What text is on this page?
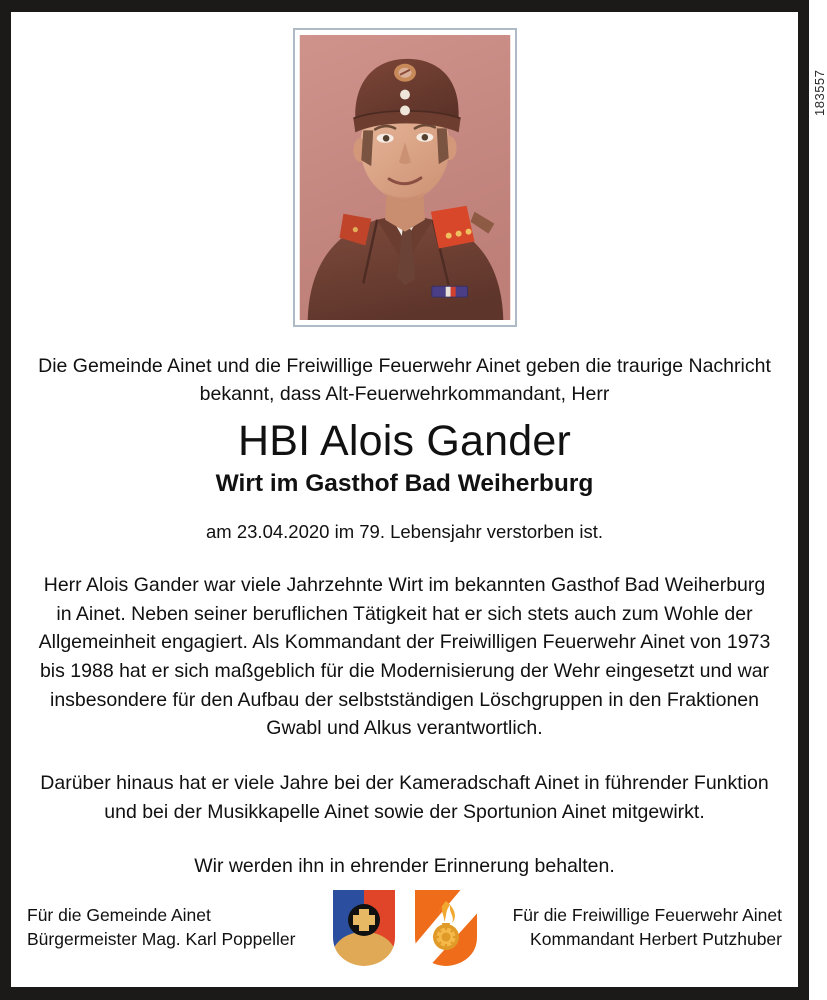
183557
Die Gemeinde Ainet und die Freiwillige Feuerwehr Ainet geben die traurige Nachricht bekannt, dass Alt-Feuerwehrkommandant, Herr
HBI Alois Gander
Wirt im Gasthof Bad Weiherburg
am 23.04.2020 im 79. Lebensjahr verstorben ist.

Herr Alois Gander war viele Jahrzehnte Wirt im bekannten Gasthof Bad Weiherburg in Ainet. Neben seiner beruflichen Tätigkeit hat er sich stets auch zum Wohle der Allgemeinheit engagiert. Als Kommandant der Freiwilligen Feuerwehr Ainet von 1973 bis 1988 hat er sich maßgeblich für die Modernisierung der Wehr eingesetzt und war insbesondere für den Aufbau der selbstständigen Löschgruppen in den Fraktionen Gwabl und Alkus verantwortlich.

Darüber hinaus hat er viele Jahre bei der Kameradschaft Ainet in führender Funktion und bei der Musikkapelle Ainet sowie der Sportunion Ainet mitgewirkt.

Wir werden ihn in ehrender Erinnerung behalten.

Für die Gemeinde Ainet
Bürgermeister Mag. Karl Poppeller
Für die Freiwillige Feuerwehr Ainet
Kommandant Herbert Putzhuber
